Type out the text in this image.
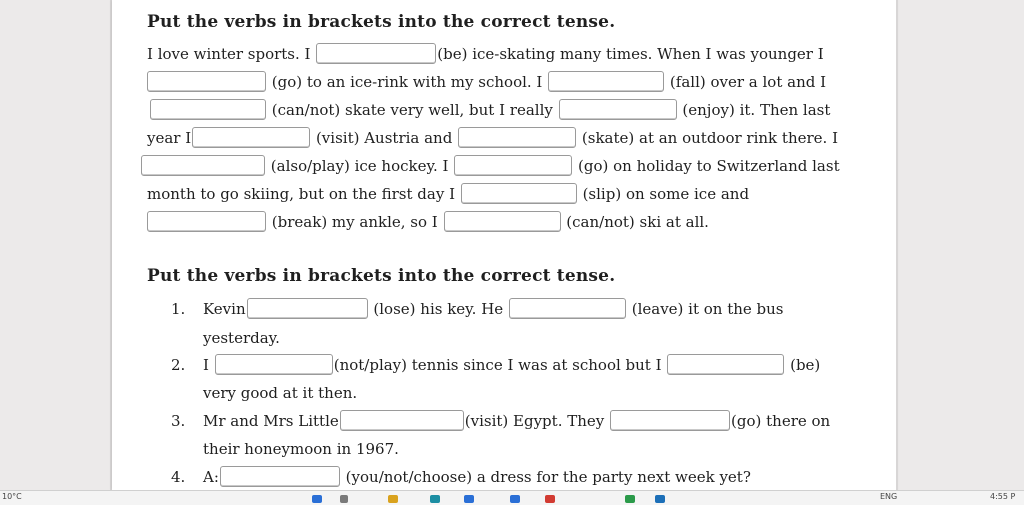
Put the verbs in brackets into the correct tense.
I love winter sports. I	(be) ice-skating many times. When I was younger I
(go) to an ice-rink with my school. I	(fall) over a lot and I
(can/not) skate very well, but I really	(enjoy) it. Then last
year I	(visit) Austria and	(skate) at an outdoor rink there. I
(also/play) ice hockey. I	(go) on holiday to Switzerland last
month to go skiing, but on the first day I	(slip) on some ice and
(break) my ankle, so I	(can/not) ski at all.
Put the verbs in brackets into the correct tense.
1. Kevin	(lose) his key. He	(leave) it on the bus
yesterday.
2. I	(not/play) tennis since I was at school but I	(be)
very good at it then.
3. Mr and Mrs Little	(visit) Egypt. They	(go) there on
their honeymoon in 1967.
4. A:	(you/not/choose) a dress for the party next week yet?
10°C	ENG	4:55 P
